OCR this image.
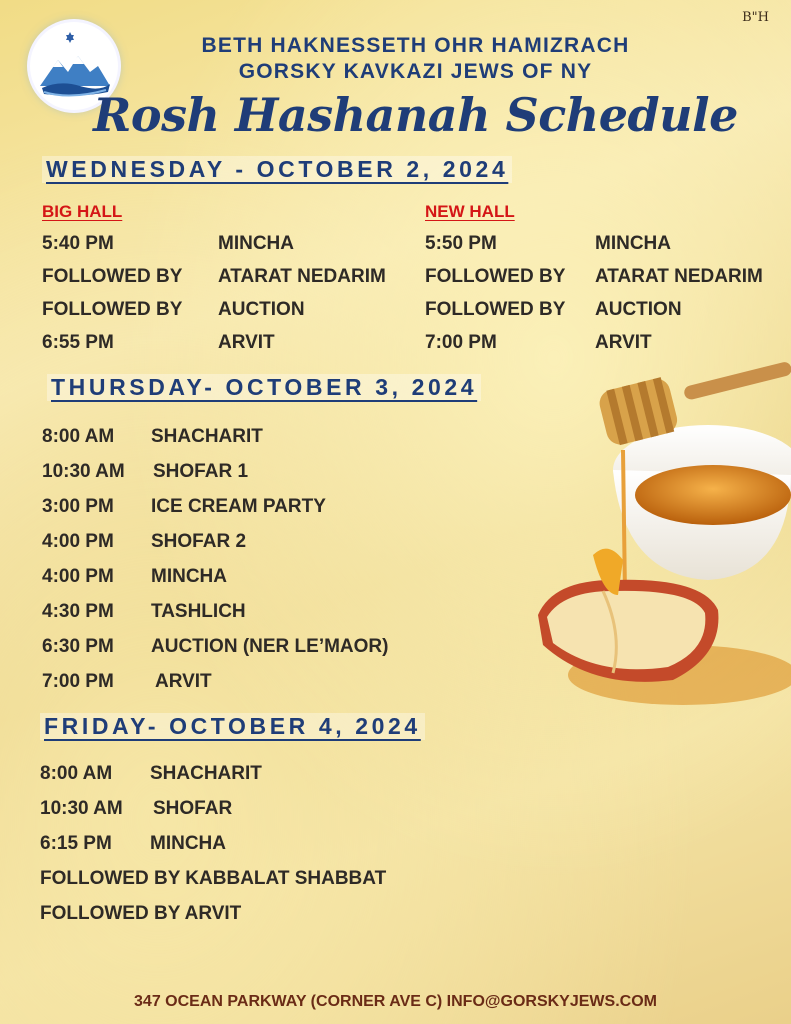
B"H
BETH HAKNESSETH OHR HAMIZRACH
GORSKY KAVKAZI JEWS OF NY
Rosh Hashanah Schedule
WEDNESDAY - OCTOBER 2, 2024
BIG HALL
5:40 PM	MINCHA
FOLLOWED BY ATARAT NEDARIM
FOLLOWED BY AUCTION
6:55 PM	ARVIT
NEW HALL
5:50 PM	MINCHA
FOLLOWED BY ATARAT NEDARIM
FOLLOWED BY AUCTION
7:00 PM	ARVIT
THURSDAY- OCTOBER 3, 2024
8:00 AM SHACHARIT
10:30 AM SHOFAR 1
3:00 PM ICE CREAM PARTY
4:00 PM SHOFAR 2
4:00 PM MINCHA
4:30 PM TASHLICH
6:30 PM AUCTION (NER LE’MAOR)
7:00 PM ARVIT
FRIDAY- OCTOBER 4, 2024
8:00 AM SHACHARIT
10:30 AM SHOFAR
6:15 PM MINCHA
FOLLOWED BY KABBALAT SHABBAT
FOLLOWED BY ARVIT
347 OCEAN PARKWAY (CORNER AVE C) INFO@GORSKYJEWS.COM
